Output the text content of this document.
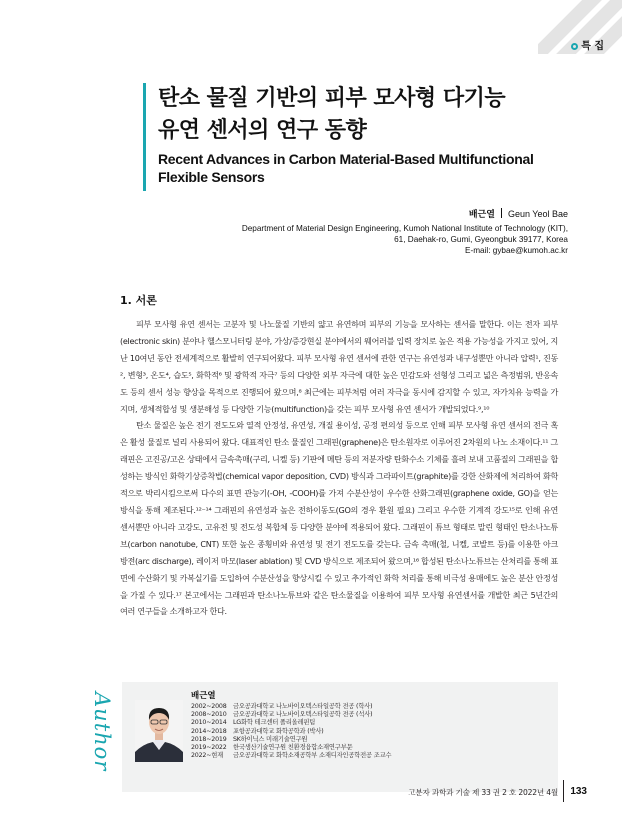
특 집
탄소 물질 기반의 피부 모사형 다기능
유연 센서의 연구 동향
Recent Advances in Carbon Material-Based Multifunctional
Flexible Sensors
배근열 Geun Yeol Bae
Department of Material Design Engineering, Kumoh National Institute of Technology (KIT),
61, Daehak-ro, Gumi, Gyeongbuk 39177, Korea
E-mail: gybae@kumoh.ac.kr
1. 서론
피부 모사형 유연 센서는 고분자 및 나노물질 기반의 얇고 유연하며 피부의 기능을 모사하는 센서를 말한다. 이는 전자 피부(electronic skin) 분야나 헬스모니터링 분야, 가상/증강현실 분야에서의 웨어러블 입력 장치로 높은 적용 가능성을 가지고 있어, 지난 10여년 동안 전세계적으로 활발히 연구되어왔다. 피부 모사형 유연 센서에 관한 연구는 유연성과 내구성뿐만 아니라 압력¹, 진동², 변형³, 온도⁴, 습도⁵, 화학적⁶ 및 광학적 자극⁷ 등의 다양한 외부 자극에 대한 높은 민감도와 선형성 그리고 넓은 측정범위, 반응속도 등의 센서 성능 향상을 목적으로 진행되어 왔으며,⁸ 최근에는 피부처럼 여러 자극을 동시에 감지할 수 있고, 자가치유 능력을 가지며, 생체적합성 및 생분해성 등 다양한 기능(multifunction)을 갖는 피부 모사형 유연 센서가 개발되었다.⁹,¹⁰
탄소 물질은 높은 전기 전도도와 열적 안정성, 유연성, 개질 용이성, 공정 편의성 등으로 인해 피부 모사형 유연 센서의 전극 혹은 활성 물질로 널리 사용되어 왔다. 대표적인 탄소 물질인 그래핀(graphene)은 탄소원자로 이루어진 2차원의 나노 소재이다.¹¹ 그래핀은 고진공/고온 상태에서 금속촉매(구리, 니켈 등) 기판에 메탄 등의 저분자량 탄화수소 기체를 흘려 보내 고품질의 그래핀을 합성하는 방식인 화학기상증착법(chemical vapor deposition, CVD) 방식과 그라파이트(graphite)를 강한 산화제에 처리하여 화학적으로 박리시킴으로써 다수의 표면 관능기(-OH, -COOH)를 가져 수분산성이 우수한 산화그래핀(graphene oxide, GO)을 얻는 방식을 통해 제조된다.¹²⁻¹⁴ 그래핀의 유연성과 높은 전하이동도(GO의 경우 환원 필요) 그리고 우수한 기계적 강도¹⁵로 인해 유연 센서뿐만 아니라 고강도, 고유전 및 전도성 복합체 등 다양한 분야에 적용되어 왔다. 그래핀이 튜브 형태로 말린 형태인 탄소나노튜브(carbon nanotube, CNT) 또한 높은 종횡비와 유연성 및 전기 전도도를 갖는다. 금속 촉매(철, 니켈, 코발트 등)를 이용한 아크 방전(arc discharge), 레이저 마모(laser ablation) 및 CVD 방식으로 제조되어 왔으며,¹⁶ 합성된 탄소나노튜브는 산처리를 통해 표면에 수산화기 및 카복실기를 도입하여 수분산성을 향상시킬 수 있고 추가적인 화학 처리를 통해 비극성 용매에도 높은 분산 안정성을 가질 수 있다.¹⁷ 본고에서는 그래핀과 탄소나노튜브와 같은 탄소물질을 이용하여 피부 모사형 유연센서를 개발한 최근 5년간의 여러 연구들을 소개하고자 한다.
Author	배근열
2002~2008	금오공과대학교 나노바이오텍스타일공학 전공 (학사)
2008~2010	금오공과대학교 나노바이오텍스타일공학 전공 (석사)
2010~2014	LG화학 테크센터 폴리올레핀팀
2014~2018	포항공과대학교 화학공학과 (박사)
2018~2019	SK하이닉스 미래기술연구원
2019~2022	한국생산기술연구원 친환경융합소재연구부문
2022~현재	금오공과대학교 화학소재공학부 소재디자인공학전공 조교수
고분자 과학과 기술 제 33 권 2 호 2022년 4월 133
